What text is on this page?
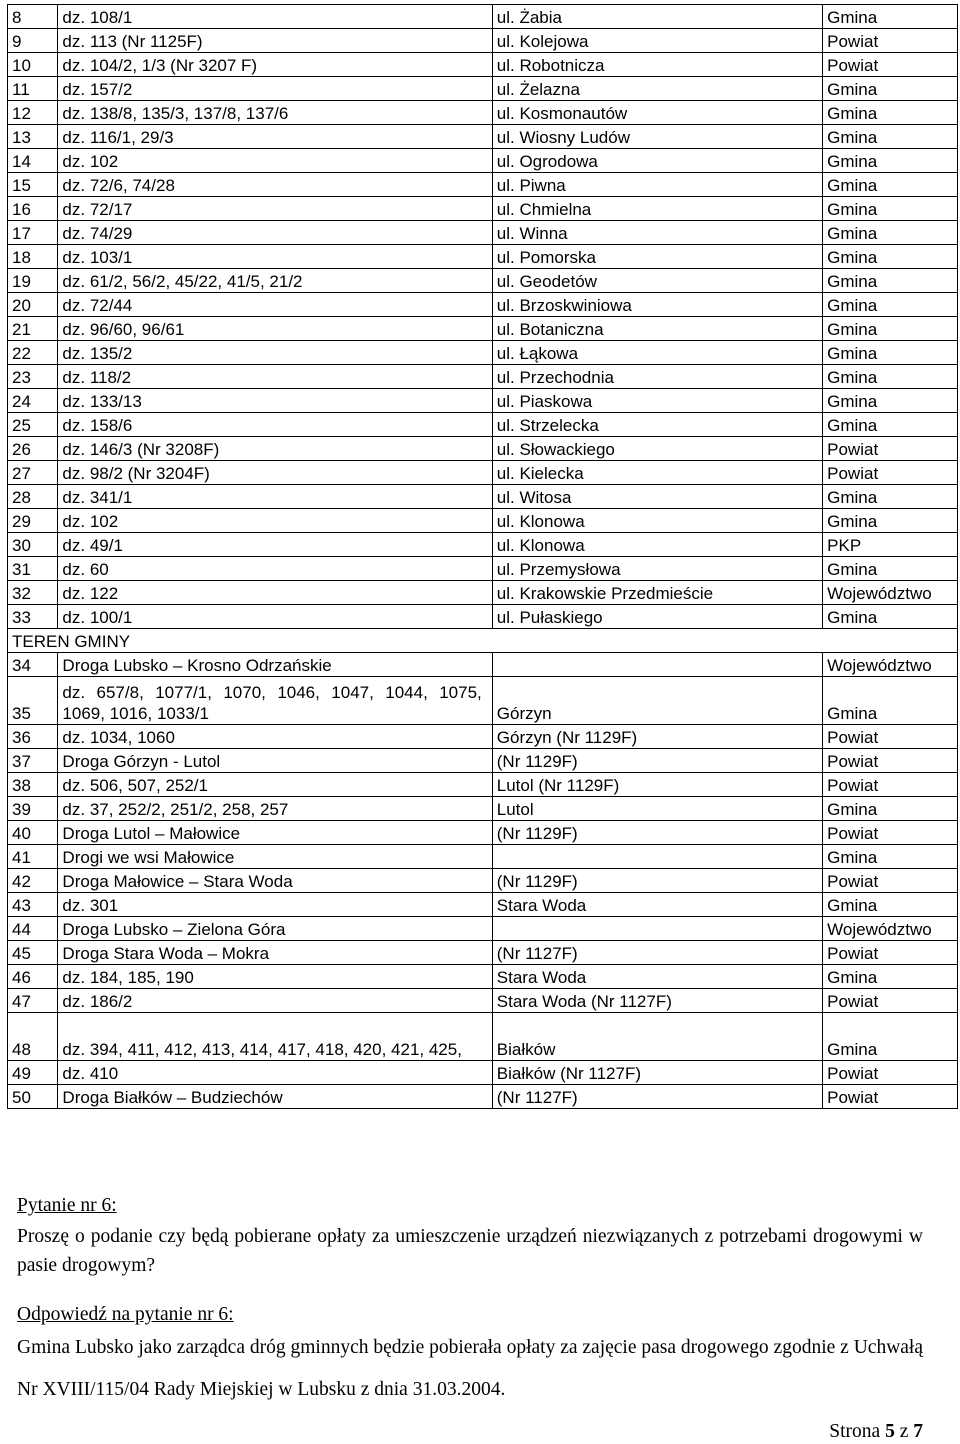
8	dz. 108/1	ul. Żabia	Gmina
9	dz. 113 (Nr 1125F)	ul. Kolejowa	Powiat
10	dz. 104/2, 1/3 (Nr 3207 F)	ul. Robotnicza	Powiat
11	dz. 157/2	ul. Żelazna	Gmina
12	dz. 138/8, 135/3, 137/8, 137/6	ul. Kosmonautów	Gmina
13	dz. 116/1, 29/3	ul. Wiosny Ludów	Gmina
14	dz. 102	ul. Ogrodowa	Gmina
15	dz. 72/6, 74/28	ul. Piwna	Gmina
16	dz. 72/17	ul. Chmielna	Gmina
17	dz. 74/29	ul. Winna	Gmina
18	dz. 103/1	ul. Pomorska	Gmina
19	dz. 61/2, 56/2, 45/22, 41/5, 21/2	ul. Geodetów	Gmina
20	dz. 72/44	ul. Brzoskwiniowa	Gmina
21	dz. 96/60, 96/61	ul. Botaniczna	Gmina
22	dz. 135/2	ul. Łąkowa	Gmina
23	dz. 118/2	ul. Przechodnia	Gmina
24	dz. 133/13	ul. Piaskowa	Gmina
25	dz. 158/6	ul. Strzelecka	Gmina
26	dz. 146/3 (Nr 3208F)	ul. Słowackiego	Powiat
27	dz. 98/2 (Nr 3204F)	ul. Kielecka	Powiat
28	dz. 341/1	ul. Witosa	Gmina
29	dz. 102	ul. Klonowa	Gmina
30	dz. 49/1	ul. Klonowa	PKP
31	dz. 60	ul. Przemysłowa	Gmina
32	dz. 122	ul. Krakowskie Przedmieście	Województwo
33	dz. 100/1	ul. Pułaskiego	Gmina
TEREN GMINY			
34	Droga Lubsko – Krosno Odrzańskie		Województwo
35	dz. 657/8, 1077/1, 1070, 1046, 1047, 1044, 1075, 1069, 1016, 1033/1	Górzyn	Gmina
36	dz. 1034, 1060	Górzyn (Nr 1129F)	Powiat
37	Droga Górzyn - Lutol	(Nr 1129F)	Powiat
38	dz. 506, 507, 252/1	Lutol (Nr 1129F)	Powiat
39	dz. 37, 252/2, 251/2, 258, 257	Lutol	Gmina
40	Droga Lutol – Małowice	(Nr 1129F)	Powiat
41	Drogi we wsi Małowice		Gmina
42	Droga Małowice – Stara Woda	(Nr 1129F)	Powiat
43	dz. 301	Stara Woda	Gmina
44	Droga Lubsko – Zielona Góra		Województwo
45	Droga Stara Woda – Mokra	(Nr 1127F)	Powiat
46	dz. 184, 185, 190	Stara Woda	Gmina
47	dz. 186/2	Stara Woda (Nr 1127F)	Powiat
48	dz. 394, 411, 412, 413, 414, 417, 418, 420, 421, 425,	Białków	Gmina
49	dz. 410	Białków (Nr 1127F)	Powiat
50	Droga Białków – Budziechów	(Nr 1127F)	Powiat

Pytanie nr 6:

Proszę o podanie czy będą pobierane opłaty za umieszczenie urządzeń niezwiązanych z potrzebami drogowymi w pasie drogowym?

Odpowiedź na pytanie nr 6:

Gmina Lubsko jako zarządca dróg gminnych będzie pobierała opłaty za zajęcie pasa drogowego zgodnie z Uchwałą Nr XVIII/115/04 Rady Miejskiej w Lubsku z dnia 31.03.2004.

Strona 5 z 7
